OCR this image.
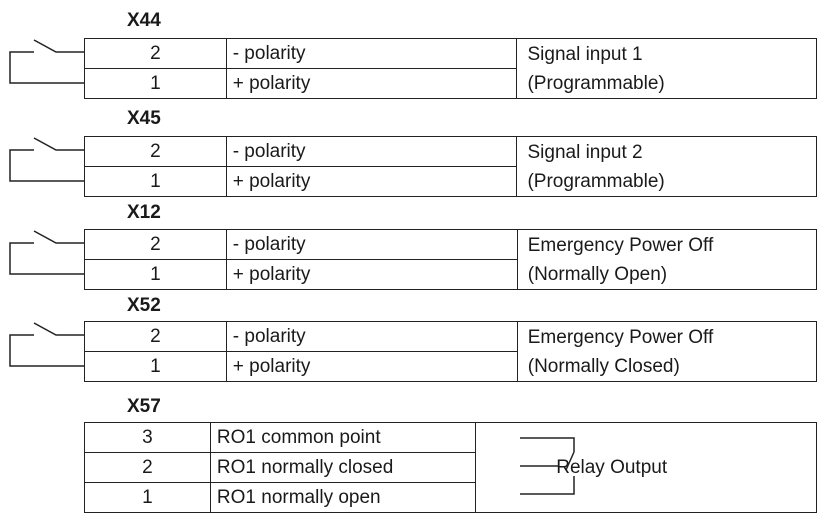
X44
2	- polarity	Signal input 1
(Programmable)

1	+ polarity	
X45
2	- polarity	Signal input 2
(Programmable)

1	+ polarity	
X12
2	- polarity	Emergency Power Off
(Normally Open)

1	+ polarity	
X52
2	- polarity	Emergency Power Off
(Normally Closed)

1	+ polarity	
X57
3	RO1 common point	Relay Output
2	RO1 normally closed	
1	RO1 normally open	
